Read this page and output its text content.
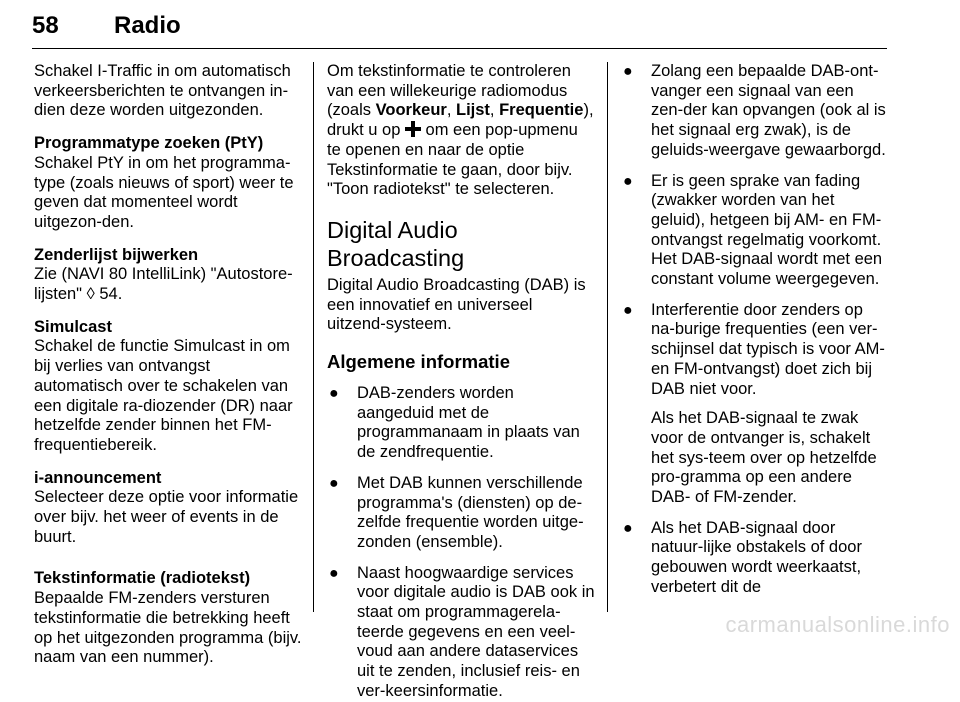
58 Radio

Schakel I-Traffic in om automatisch verkeersberichten te ontvangen in-dien deze worden uitgezonden.

Programmatype zoeken (PtY)
Schakel PtY in om het programma-type (zoals nieuws of sport) weer te geven dat momenteel wordt uitgezon-den.
Zenderlijst bijwerken
Zie (NAVI 80 IntelliLink) "Autostore-lijsten" ◊ 54.
Simulcast
Schakel de functie Simulcast in om bij verlies van ontvangst automatisch over te schakelen van een digitale ra-diozender (DR) naar hetzelfde zender binnen het FM-frequentiebereik.
i-announcement
Selecteer deze optie voor informatie over bijv. het weer of events in de buurt.
Tekstinformatie (radiotekst)
Bepaalde FM-zenders versturen tekstinformatie die betrekking heeft op het uitgezonden programma (bijv. naam van een nummer).

Om tekstinformatie te controleren van een willekeurige radiomodus (zoals Voorkeur, Lijst, Frequentie), drukt u op  om een pop-upmenu te openen en naar de optie Tekstinformatie te gaan, door bijv. "Toon radiotekst" te selecteren.

Digital Audio Broadcasting

Digital Audio Broadcasting (DAB) is een innovatief en universeel uitzend-systeem.

Algemene informatie
● DAB-zenders worden aangeduid met de programmanaam in plaats van de zendfrequentie.
● Met DAB kunnen verschillende programma's (diensten) op de-zelfde frequentie worden uitge-zonden (ensemble).
● Naast hoogwaardige services voor digitale audio is DAB ook in staat om programmagerela-teerde gegevens en een veel-voud aan andere dataservices uit te zenden, inclusief reis- en ver-keersinformatie.
● Zolang een bepaalde DAB-ont-vanger een signaal van een zen-der kan opvangen (ook al is het signaal erg zwak), is de geluids-weergave gewaarborgd.
● Er is geen sprake van fading (zwakker worden van het geluid), hetgeen bij AM- en FM-ontvangst regelmatig voorkomt. Het DAB-signaal wordt met een constant volume weergegeven.
● Interferentie door zenders op na-burige frequenties (een ver-schijnsel dat typisch is voor AM-en FM-ontvangst) doet zich bij DAB niet voor.
Als het DAB-signaal te zwak voor de ontvanger is, schakelt het sys-teem over op hetzelfde pro-gramma op een andere DAB- of FM-zender.
● Als het DAB-signaal door natuur-lijke obstakels of door gebouwen wordt weerkaatst, verbetert dit de
carmanualsonline.info
